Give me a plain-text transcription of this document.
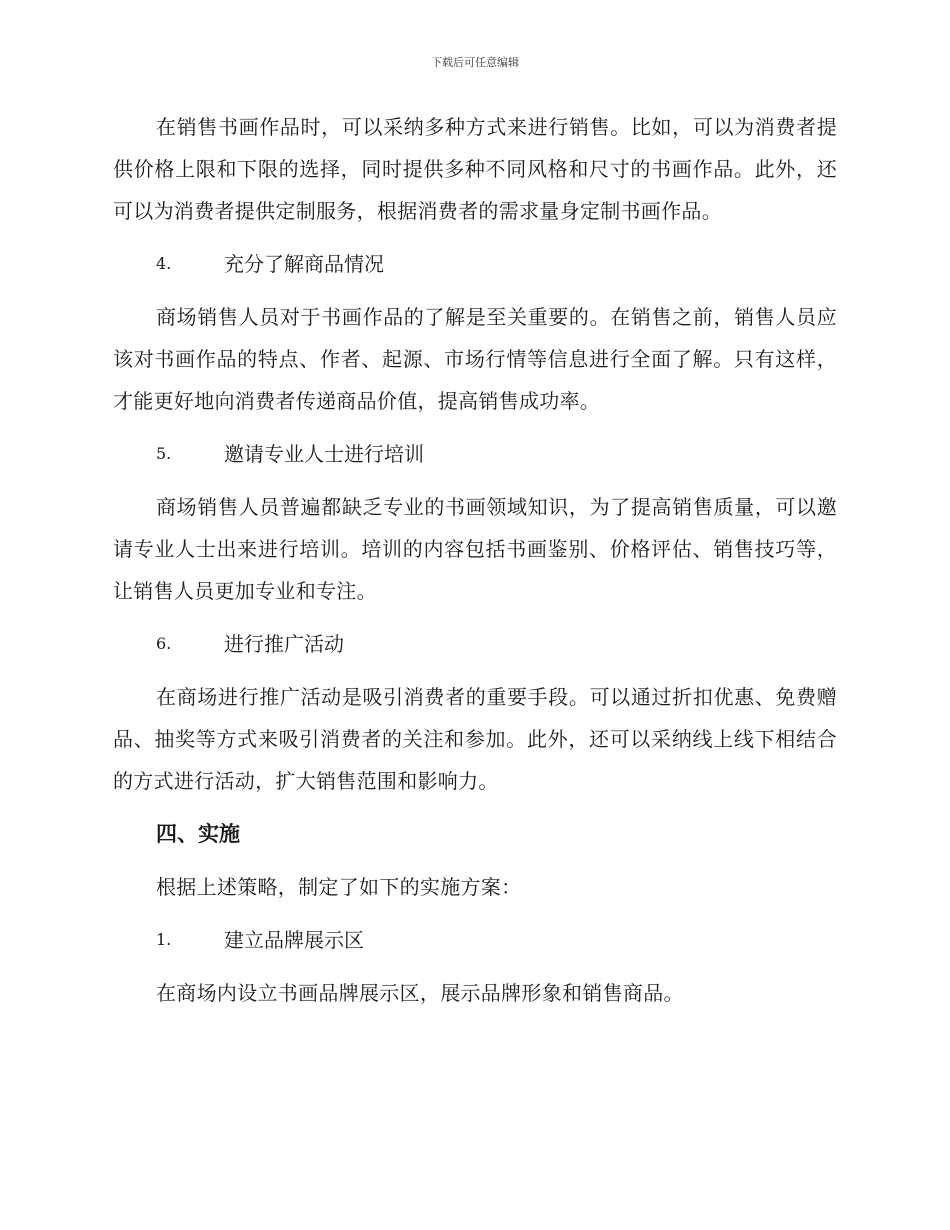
下载后可任意编辑

在销售书画作品时，可以采纳多种方式来进行销售。比如，可以为消费者提供价格上限和下限的选择，同时提供多种不同风格和尺寸的书画作品。此外，还可以为消费者提供定制服务，根据消费者的需求量身定制书画作品。

4.	充分了解商品情况

商场销售人员对于书画作品的了解是至关重要的。在销售之前，销售人员应该对书画作品的特点、作者、起源、市场行情等信息进行全面了解。只有这样，才能更好地向消费者传递商品价值，提高销售成功率。

5.	邀请专业人士进行培训

商场销售人员普遍都缺乏专业的书画领域知识，为了提高销售质量，可以邀请专业人士出来进行培训。培训的内容包括书画鉴别、价格评估、销售技巧等，让销售人员更加专业和专注。

6.	进行推广活动

在商场进行推广活动是吸引消费者的重要手段。可以通过折扣优惠、免费赠品、抽奖等方式来吸引消费者的关注和参加。此外，还可以采纳线上线下相结合的方式进行活动，扩大销售范围和影响力。

四、实施

根据上述策略，制定了如下的实施方案：

1.	建立品牌展示区

在商场内设立书画品牌展示区，展示品牌形象和销售商品。
